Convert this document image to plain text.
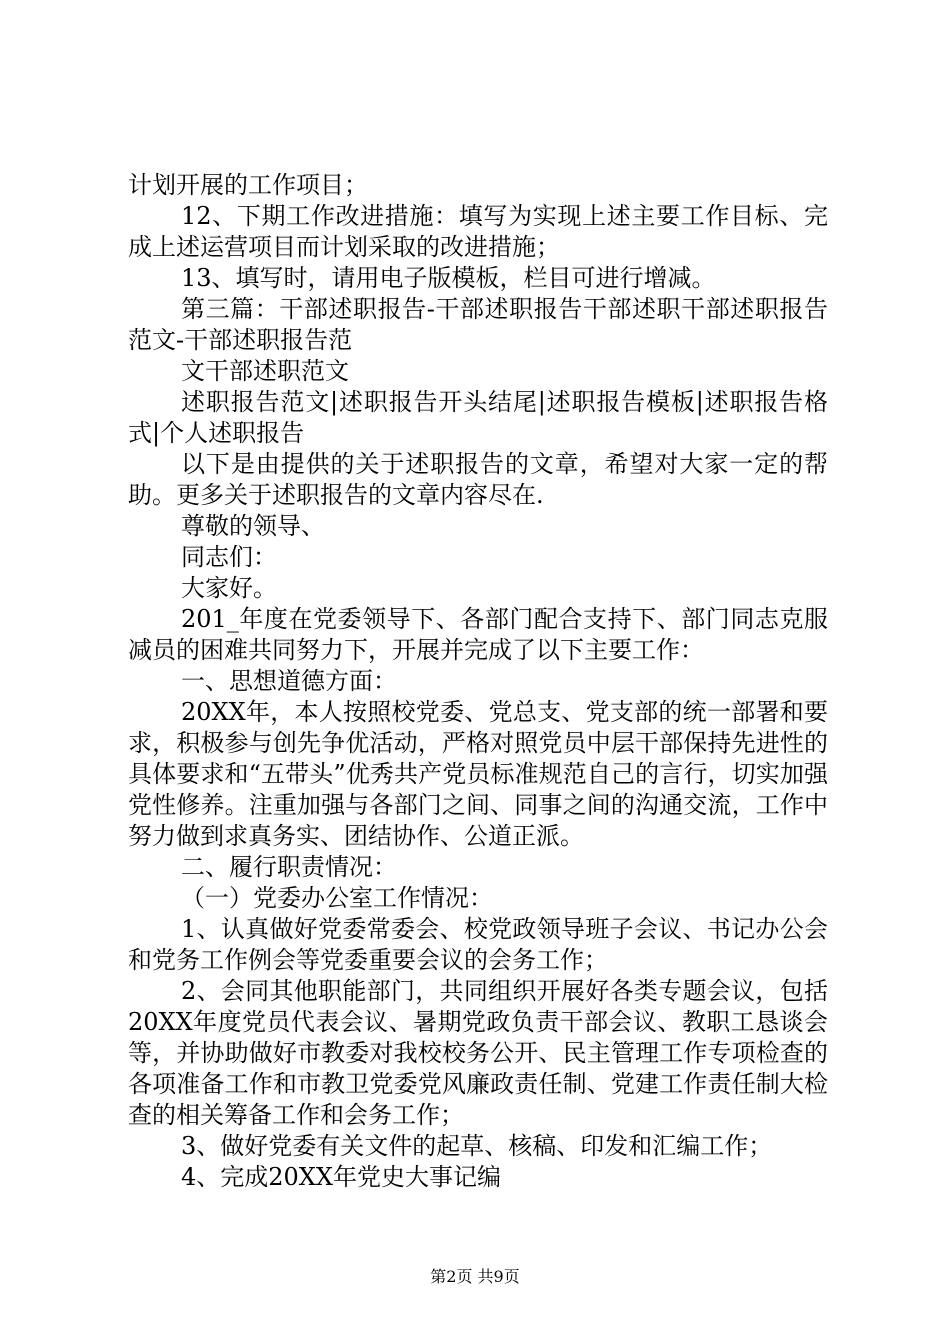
计划开展的工作项目；

12、下期工作改进措施：填写为实现上述主要工作目标、完成上述运营项目而计划采取的改进措施；

13、填写时，请用电子版模板，栏目可进行增减。

第三篇：干部述职报告-干部述职报告干部述职干部述职报告范文-干部述职报告范

文干部述职范文

述职报告范文|述职报告开头结尾|述职报告模板|述职报告格式|个人述职报告

以下是由提供的关于述职报告的文章，希望对大家一定的帮助。更多关于述职报告的文章内容尽在.

尊敬的领导、

同志们：

大家好。

201_年度在党委领导下、各部门配合支持下、部门同志克服减员的困难共同努力下，开展并完成了以下主要工作：

一、思想道德方面：

20XX年，本人按照校党委、党总支、党支部的统一部署和要求，积极参与创先争优活动，严格对照党员中层干部保持先进性的具体要求和“五带头”优秀共产党员标准规范自己的言行，切实加强党性修养。注重加强与各部门之间、同事之间的沟通交流，工作中努力做到求真务实、团结协作、公道正派。

二、履行职责情况：

（一）党委办公室工作情况：

1、认真做好党委常委会、校党政领导班子会议、书记办公会和党务工作例会等党委重要会议的会务工作；

2、会同其他职能部门，共同组织开展好各类专题会议，包括20XX年度党员代表会议、暑期党政负责干部会议、教职工恳谈会等，并协助做好市教委对我校校务公开、民主管理工作专项检查的各项准备工作和市教卫党委党风廉政责任制、党建工作责任制大检查的相关筹备工作和会务工作；

3、做好党委有关文件的起草、核稿、印发和汇编工作；

4、完成20XX年党史大事记编

第2页 共9页
